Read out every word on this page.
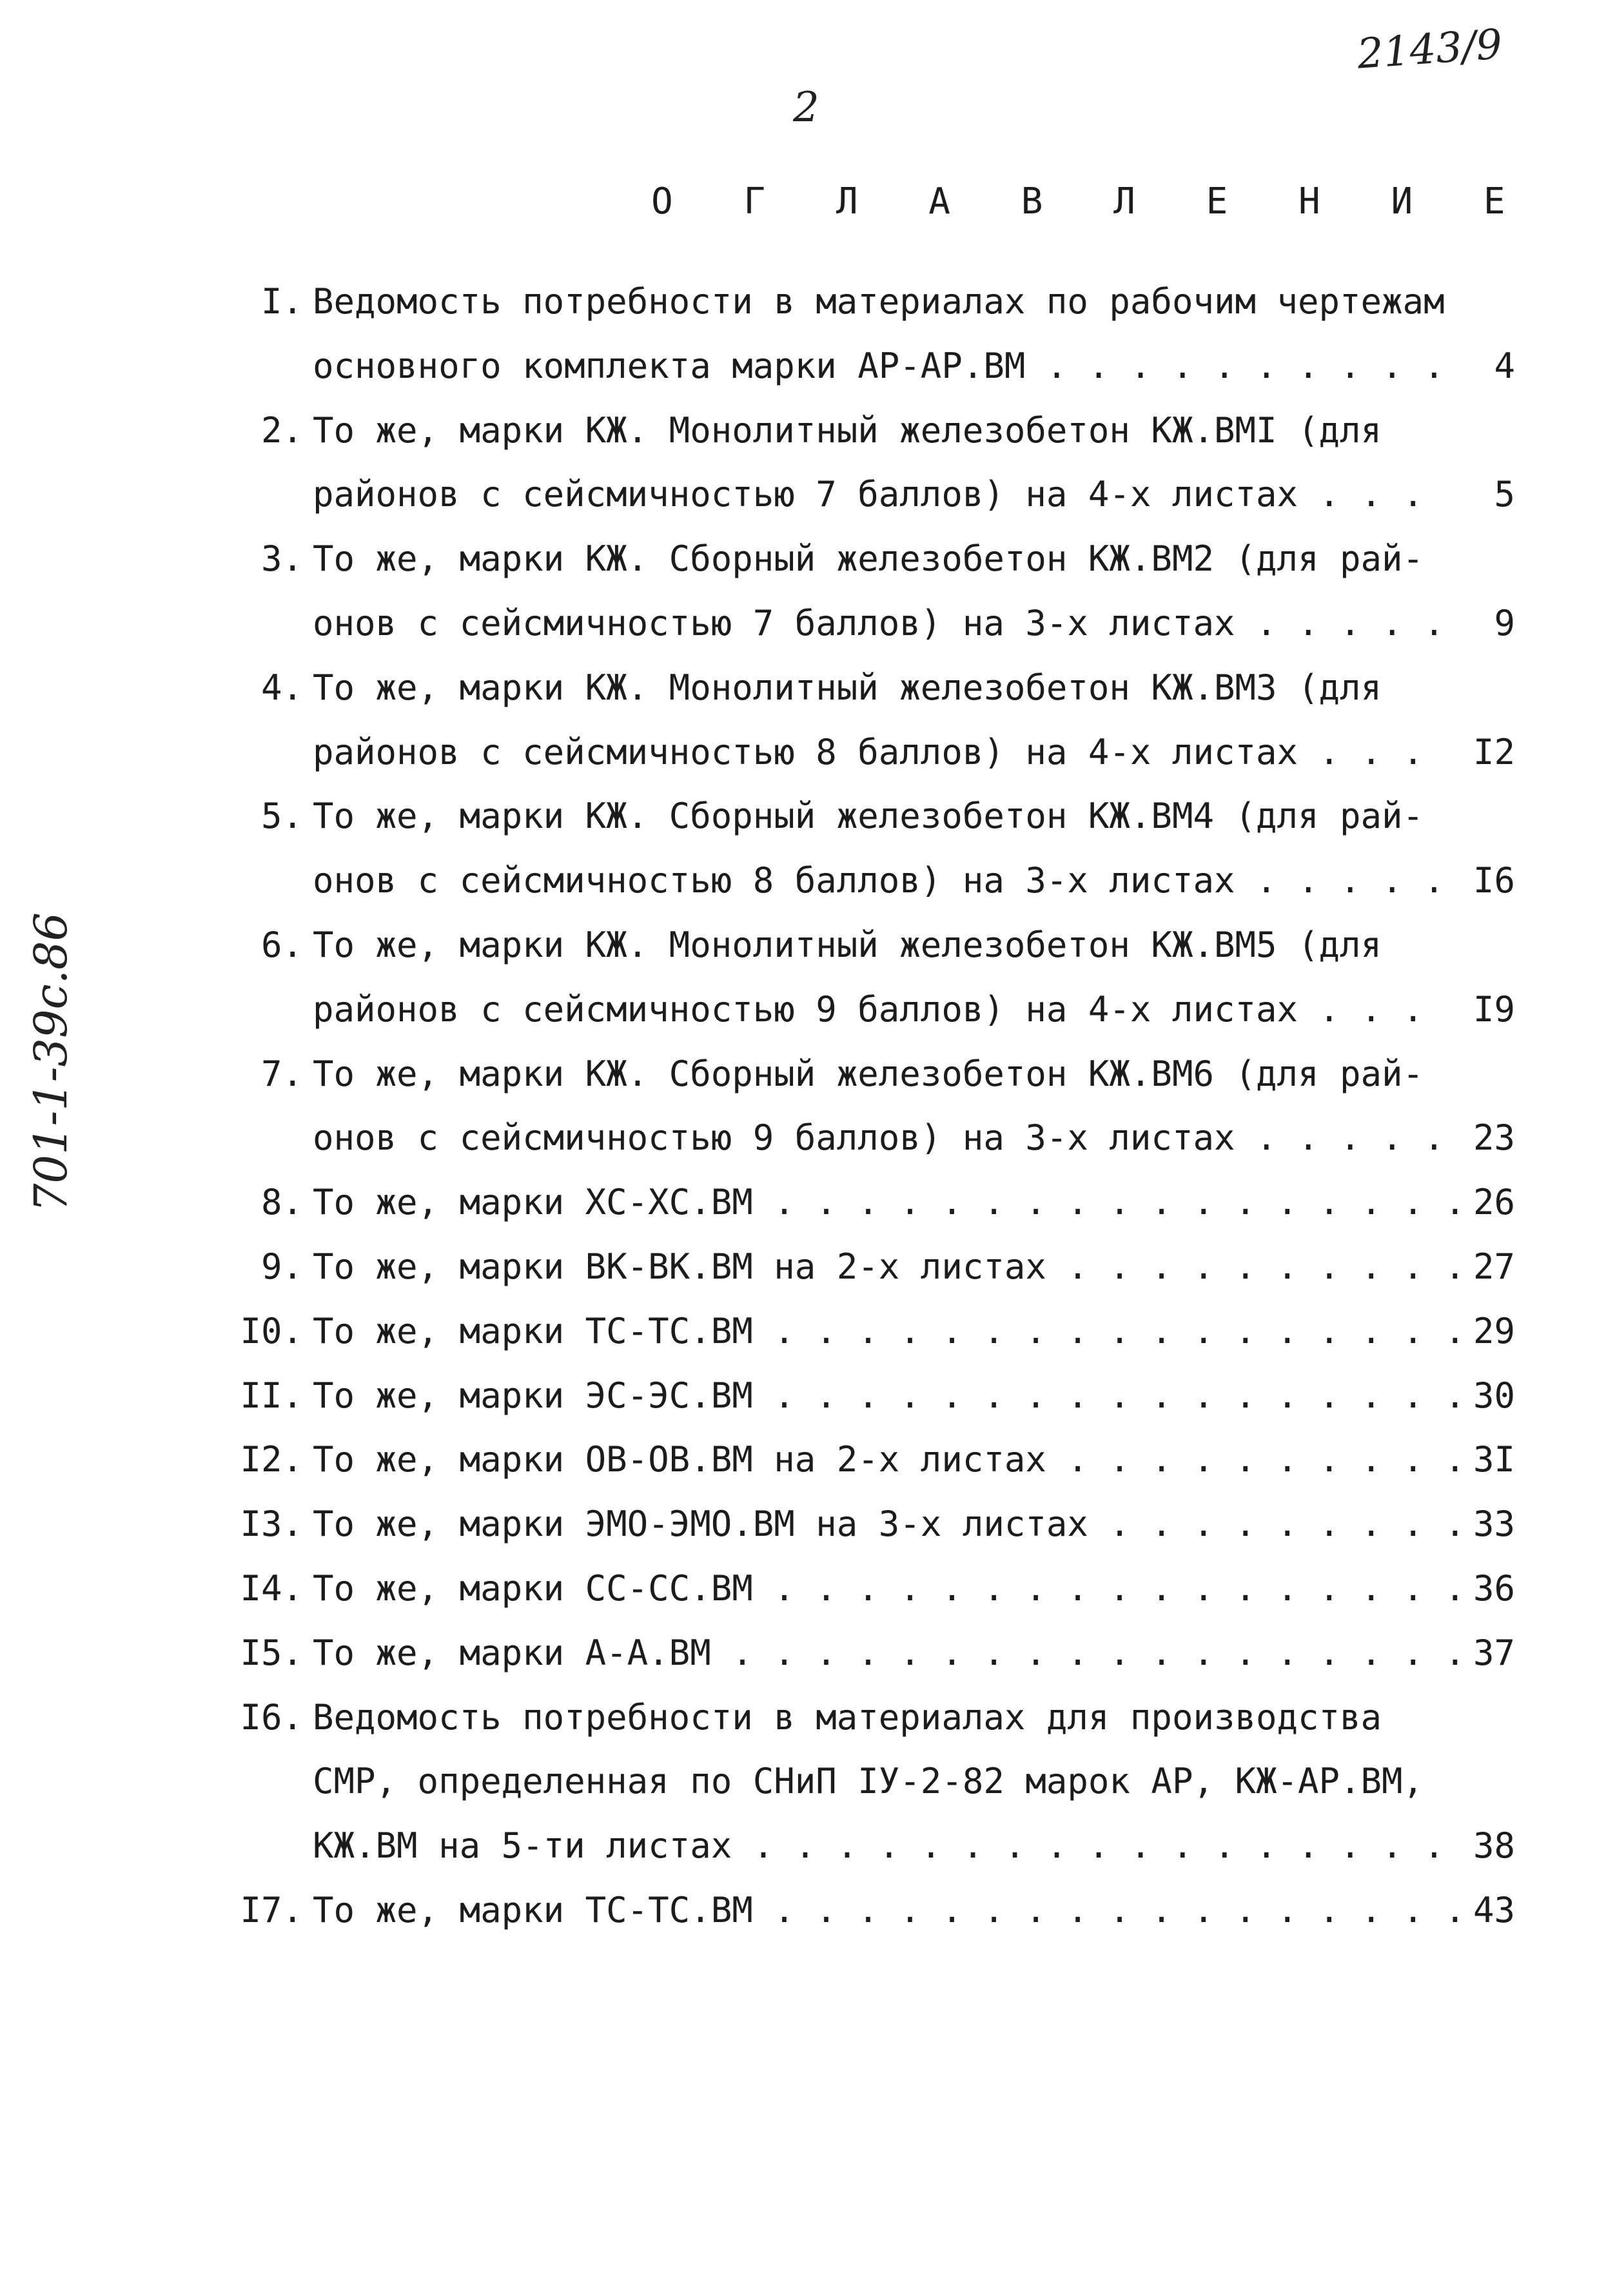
2143/9
701-1-39с.86
2
О Г Л А В Л Е Н И Е
I. Ведомость потребности в материалах по рабочим чертежам
основного комплекта марки АР-АР.ВМ . . . . . . . . . .	4
2. То же, марки КЖ. Монолитный железобетон КЖ.ВМI (для
районов с сейсмичностью 7 баллов) на 4-х листах . . .	5
3. То же, марки КЖ. Сборный железобетон КЖ.ВМ2 (для рай-
онов с сейсмичностью 7 баллов) на 3-х листах . . . . .	9
4. То же, марки КЖ. Монолитный железобетон КЖ.ВМ3 (для
районов с сейсмичностью 8 баллов) на 4-х листах . . .	I2
5. То же, марки КЖ. Сборный железобетон КЖ.ВМ4 (для рай-
онов с сейсмичностью 8 баллов) на 3-х листах . . . . . I6
6. То же, марки КЖ. Монолитный железобетон КЖ.ВМ5 (для
районов с сейсмичностью 9 баллов) на 4-х листах . . .	I9
7. То же, марки КЖ. Сборный железобетон КЖ.ВМ6 (для рай-
онов с сейсмичностью 9 баллов) на 3-х листах . . . . . 23
8. То же, марки ХС-ХС.ВМ . . . . . . . . . . . . . . . . . 26
9. То же, марки ВК-ВК.ВМ на 2-х листах . . . . . . . . . . 27
I0. То же, марки ТС-ТС.ВМ . . . . . . . . . . . . . . . . . 29
II. То же, марки ЭС-ЭС.ВМ . . . . . . . . . . . . . . . . . 30
I2. То же, марки ОВ-ОВ.ВМ на 2-х листах . . . . . . . . . . 3I
I3. То же, марки ЭМО-ЭМО.ВМ на 3-х листах . . . . . . . . . 33
I4. То же, марки СС-СС.ВМ . . . . . . . . . . . . . . . . . 36
I5. То же, марки А-А.ВМ . . . . . . . . . . . . . . . . . . 37
I6. Ведомость потребности в материалах для производства
СМР, определенная по СНиП IУ-2-82 марок АР, КЖ-АР.ВМ,
КЖ.ВМ на 5-ти листах . . . . . . . . . . . . . . . . . 38
I7. То же, марки ТС-ТС.ВМ . . . . . . . . . . . . . . . . . 43
